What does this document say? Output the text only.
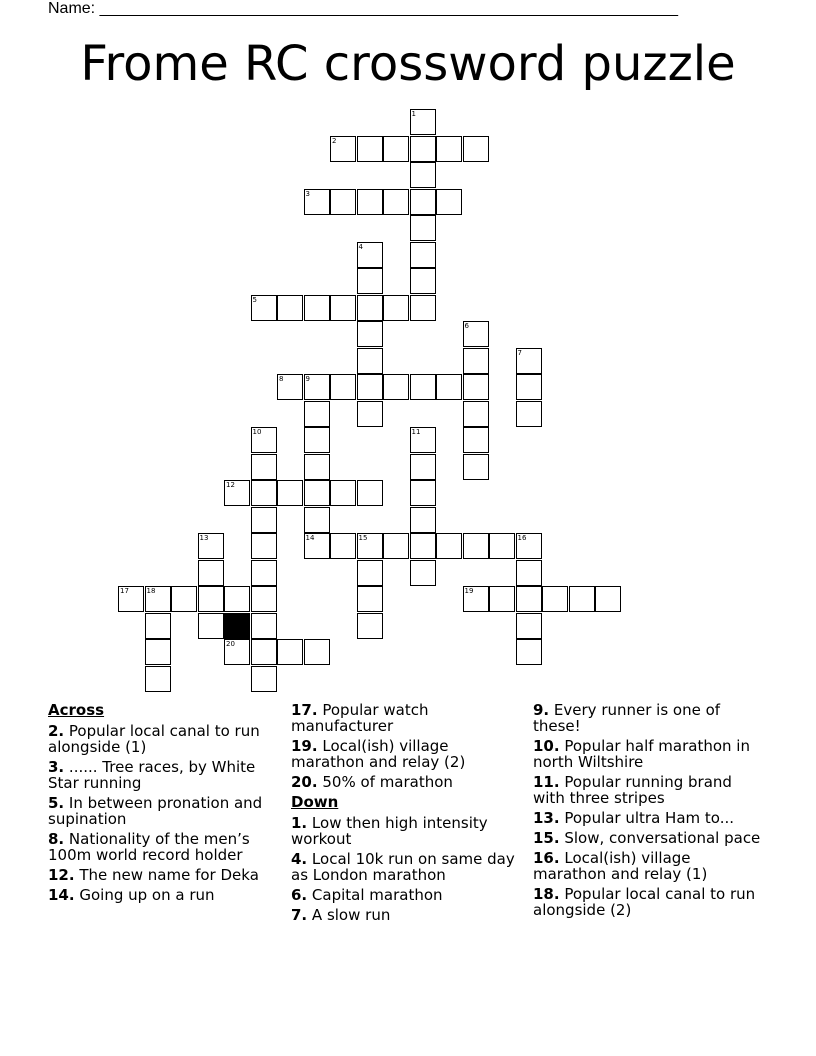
Name: _________________________________________________________________
Frome RC crossword puzzle
1
2
3
4
5
6
7
8	9
14
10	11
12
13	15	16
17	18	19
20
Across
2. Popular local canal to run alongside (1)
3. ...... Tree races, by White Star running
5. In between pronation and supination
8. Nationality of the men’s 100m world record holder
12. The new name for Deka
14. Going up on a run
17. Popular watch manufacturer
19. Local(ish) village marathon and relay (2)
20. 50% of marathon
Down
1. Low then high intensity workout
4. Local 10k run on same day as London marathon
6. Capital marathon
7. A slow run
9. Every runner is one of these!
10. Popular half marathon in north Wiltshire
11. Popular running brand with three stripes
13. Popular ultra Ham to...
15. Slow, conversational pace
16. Local(ish) village marathon and relay (1)
18. Popular local canal to run alongside (2)
